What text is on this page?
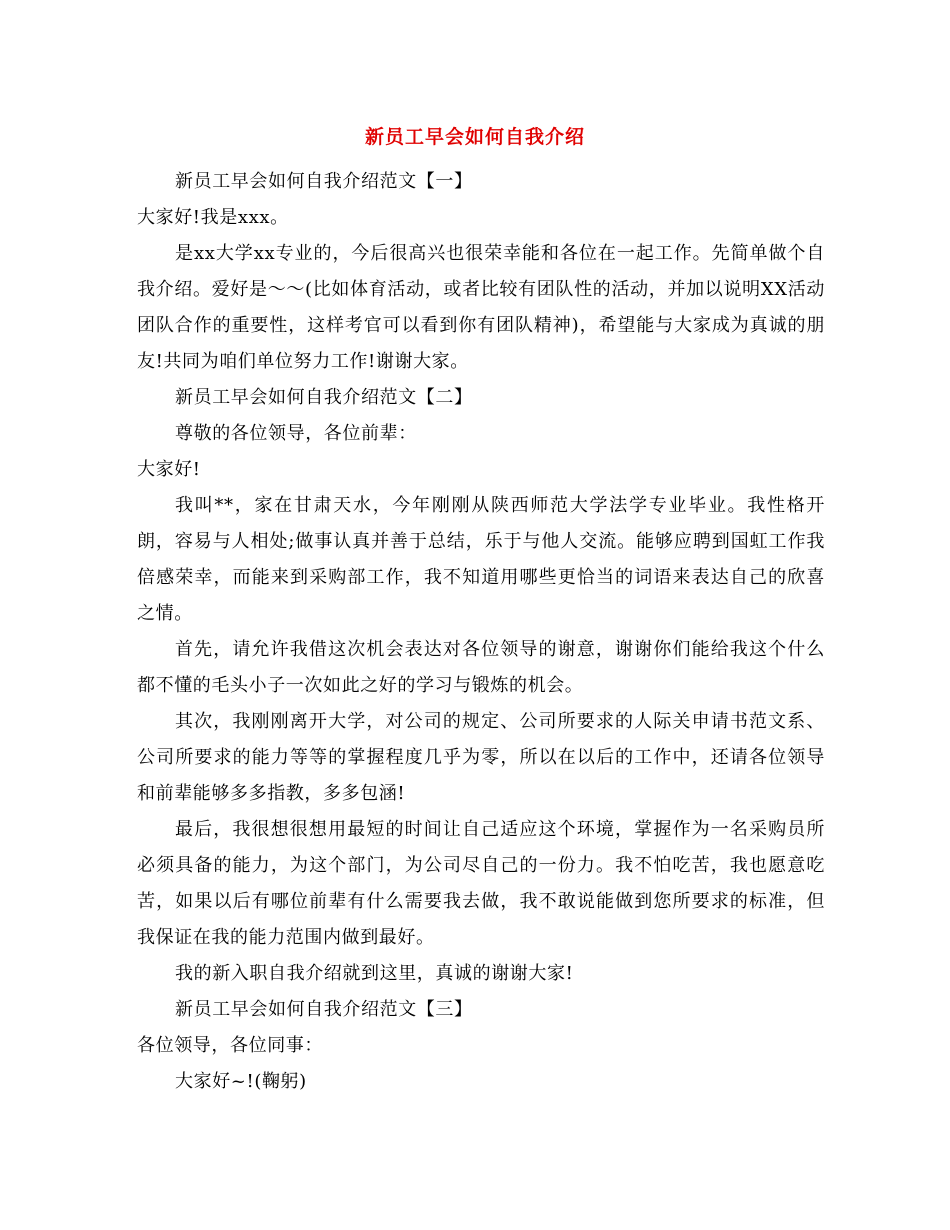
新员工早会如何自我介绍

新员工早会如何自我介绍范文【一】

大家好!我是xxx。

是xx大学xx专业的，今后很高兴也很荣幸能和各位在一起工作。先简单做个自我介绍。爱好是～～(比如体育活动，或者比较有团队性的活动，并加以说明XX活动团队合作的重要性，这样考官可以看到你有团队精神)，希望能与大家成为真诚的朋友!共同为咱们单位努力工作!谢谢大家。

新员工早会如何自我介绍范文【二】

尊敬的各位领导，各位前辈：

大家好!

我叫**，家在甘肃天水，今年刚刚从陕西师范大学法学专业毕业。我性格开朗，容易与人相处;做事认真并善于总结，乐于与他人交流。能够应聘到国虹工作我倍感荣幸，而能来到采购部工作，我不知道用哪些更恰当的词语来表达自己的欣喜之情。

首先，请允许我借这次机会表达对各位领导的谢意，谢谢你们能给我这个什么都不懂的毛头小子一次如此之好的学习与锻炼的机会。

其次，我刚刚离开大学，对公司的规定、公司所要求的人际关申请书范文系、公司所要求的能力等等的掌握程度几乎为零，所以在以后的工作中，还请各位领导和前辈能够多多指教，多多包涵!

最后，我很想很想用最短的时间让自己适应这个环境，掌握作为一名采购员所必须具备的能力，为这个部门，为公司尽自己的一份力。我不怕吃苦，我也愿意吃苦，如果以后有哪位前辈有什么需要我去做，我不敢说能做到您所要求的标准，但我保证在我的能力范围内做到最好。

我的新入职自我介绍就到这里，真诚的谢谢大家!

新员工早会如何自我介绍范文【三】

各位领导，各位同事：

大家好~!(鞠躬)
